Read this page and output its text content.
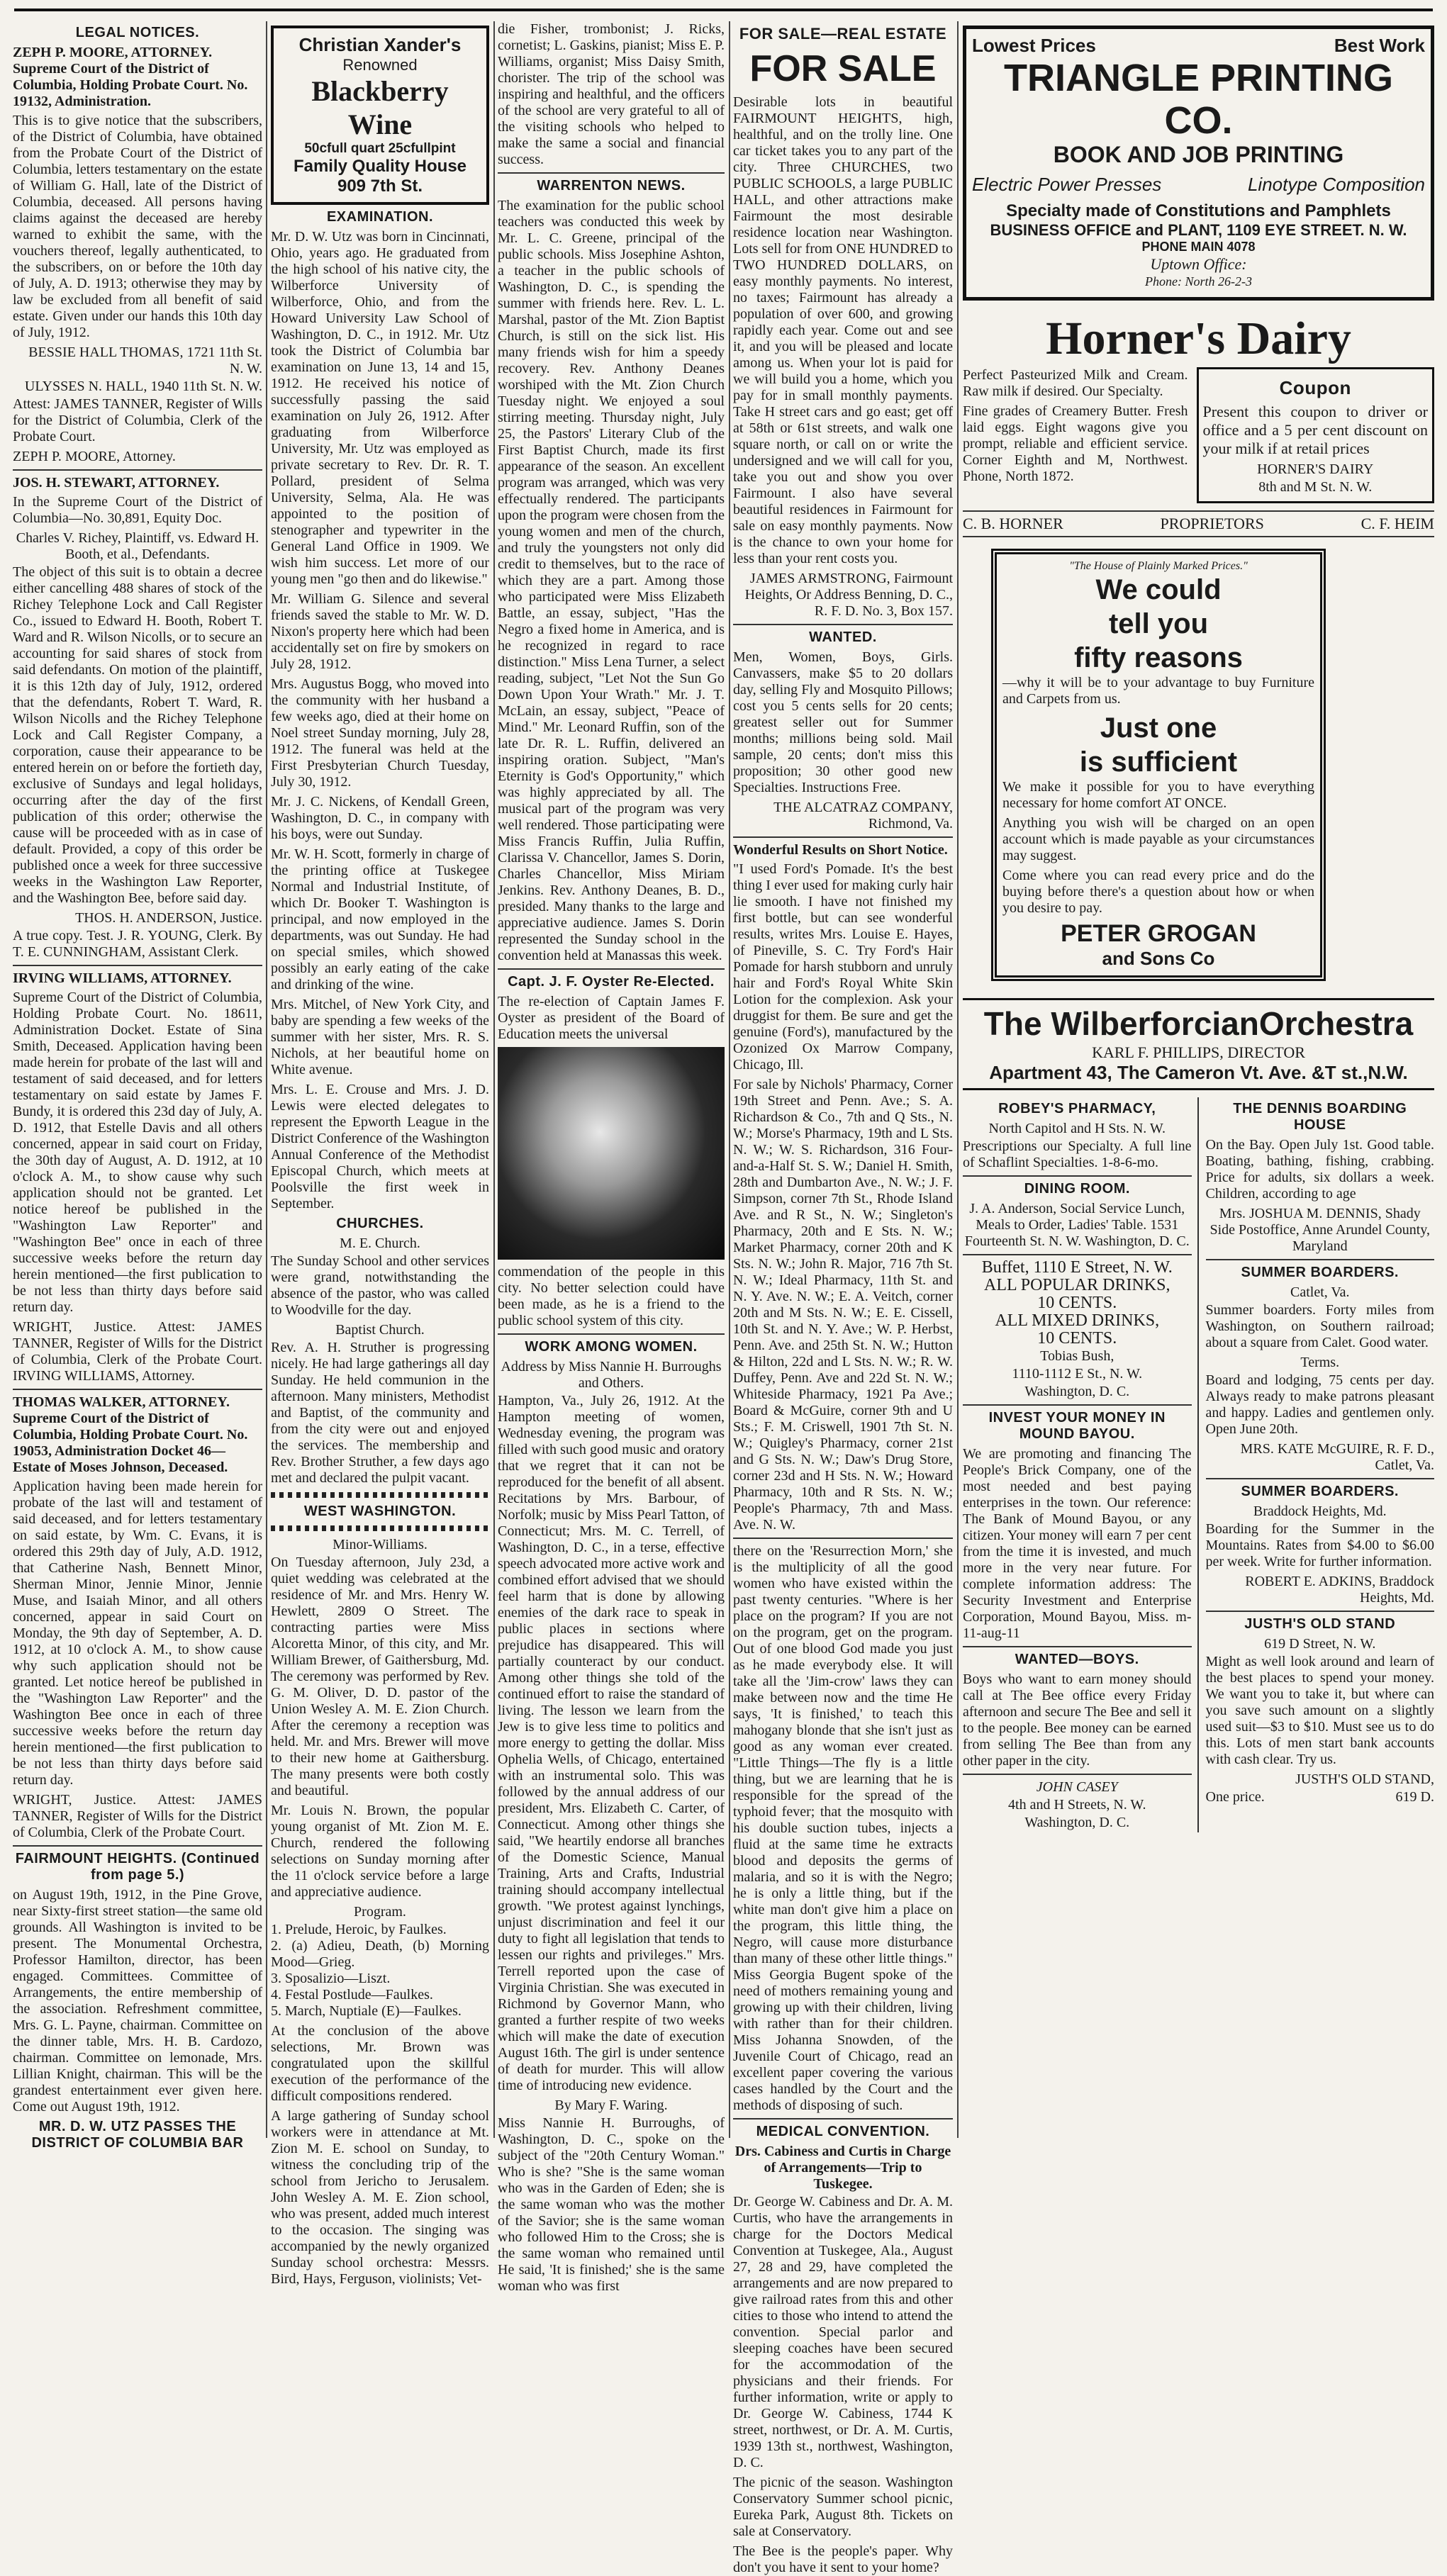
LEGAL NOTICES.

ZEPH P. MOORE, ATTORNEY. Supreme Court of the District of Columbia, Holding Probate Court. No. 19132, Administration.

This is to give notice that the subscribers, of the District of Columbia, have obtained from the Probate Court of the District of Columbia, letters testamentary on the estate of William G. Hall, late of the District of Columbia, deceased. All persons having claims against the deceased are hereby warned to exhibit the same, with the vouchers thereof, legally authenticated, to the subscribers, on or before the 10th day of July, A. D. 1913; otherwise they may by law be excluded from all benefit of said estate. Given under our hands this 10th day of July, 1912.

BESSIE HALL THOMAS, 1721 11th St. N. W.

ULYSSES N. HALL, 1940 11th St. N. W.

Attest: JAMES TANNER, Register of Wills for the District of Columbia, Clerk of the Probate Court.

ZEPH P. MOORE, Attorney.

JOS. H. STEWART, ATTORNEY.

In the Supreme Court of the District of Columbia—No. 30,891, Equity Doc.

Charles V. Richey, Plaintiff, vs. Edward H. Booth, et al., Defendants.

The object of this suit is to obtain a decree either cancelling 488 shares of stock of the Richey Telephone Lock and Call Register Co., issued to Edward H. Booth, Robert T. Ward and R. Wilson Nicolls, or to secure an accounting for said shares of stock from said defendants. On motion of the plaintiff, it is this 12th day of July, 1912, ordered that the defendants, Robert T. Ward, R. Wilson Nicolls and the Richey Telephone Lock and Call Register Company, a corporation, cause their appearance to be entered herein on or before the fortieth day, exclusive of Sundays and legal holidays, occurring after the day of the first publication of this order; otherwise the cause will be proceeded with as in case of default. Provided, a copy of this order be published once a week for three successive weeks in the Washington Law Reporter, and the Washington Bee, before said day.

THOS. H. ANDERSON, Justice.

A true copy. Test. J. R. YOUNG, Clerk. By T. E. CUNNINGHAM, Assistant Clerk.

IRVING WILLIAMS, ATTORNEY.

Supreme Court of the District of Columbia, Holding Probate Court. No. 18611, Administration Docket. Estate of Sina Smith, Deceased. Application having been made herein for probate of the last will and testament of said deceased, and for letters testamentary on said estate by James F. Bundy, it is ordered this 23d day of July, A. D. 1912, that Estelle Davis and all others concerned, appear in said court on Friday, the 30th day of August, A. D. 1912, at 10 o'clock A. M., to show cause why such application should not be granted. Let notice hereof be published in the "Washington Law Reporter" and "Washington Bee" once in each of three successive weeks before the return day herein mentioned—the first publication to be not less than thirty days before said return day.

WRIGHT, Justice. Attest: JAMES TANNER, Register of Wills for the District of Columbia, Clerk of the Probate Court. IRVING WILLIAMS, Attorney.

THOMAS WALKER, ATTORNEY. Supreme Court of the District of Columbia, Holding Probate Court. No. 19053, Administration Docket 46—Estate of Moses Johnson, Deceased.

Application having been made herein for probate of the last will and testament of said deceased, and for letters testamentary on said estate, by Wm. C. Evans, it is ordered this 29th day of July, A.D. 1912, that Catherine Nash, Bennett Minor, Sherman Minor, Jennie Minor, Jennie Muse, and Isaiah Minor, and all others concerned, appear in said Court on Monday, the 9th day of September, A. D. 1912, at 10 o'clock A. M., to show cause why such application should not be granted. Let notice hereof be published in the "Washington Law Reporter" and the Washington Bee once in each of three successive weeks before the return day herein mentioned—the first publication to be not less than thirty days before said return day.

WRIGHT, Justice. Attest: JAMES TANNER, Register of Wills for the District of Columbia, Clerk of the Probate Court.

FAIRMOUNT HEIGHTS. (Continued from page 5.)

on August 19th, 1912, in the Pine Grove, near Sixty-first street station—the same old grounds. All Washington is invited to be present. The Monumental Orchestra, Professor Hamilton, director, has been engaged. Committees. Committee of Arrangements, the entire membership of the association. Refreshment committee, Mrs. G. L. Payne, chairman. Committee on the dinner table, Mrs. H. B. Cardozo, chairman. Committee on lemonade, Mrs. Lillian Knight, chairman. This will be the grandest entertainment ever given here. Come out August 19th, 1912.

MR. D. W. UTZ PASSES THE DISTRICT OF COLUMBIA BAR

Christian Xander's
Renowned
Blackberry Wine
50cfull quart 25cfullpint
Family Quality House
909 7th St.
EXAMINATION.

Mr. D. W. Utz was born in Cincinnati, Ohio, years ago. He graduated from the high school of his native city, the Wilberforce University of Wilberforce, Ohio, and from the Howard University Law School of Washington, D. C., in 1912. Mr. Utz took the District of Columbia bar examination on June 13, 14 and 15, 1912. He received his notice of successfully passing the said examination on July 26, 1912. After graduating from Wilberforce University, Mr. Utz was employed as private secretary to Rev. Dr. R. T. Pollard, president of Selma University, Selma, Ala. He was appointed to the position of stenographer and typewriter in the General Land Office in 1909. We wish him success. Let more of our young men "go then and do likewise."

Mr. William G. Silence and several friends saved the stable to Mr. W. D. Nixon's property here which had been accidentally set on fire by smokers on July 28, 1912.

Mrs. Augustus Bogg, who moved into the community with her husband a few weeks ago, died at their home on Noel street Sunday morning, July 28, 1912. The funeral was held at the First Presbyterian Church Tuesday, July 30, 1912.

Mr. J. C. Nickens, of Kendall Green, Washington, D. C., in company with his boys, were out Sunday.

Mr. W. H. Scott, formerly in charge of the printing office at Tuskegee Normal and Industrial Institute, of which Dr. Booker T. Washington is principal, and now employed in the departments, was out Sunday. He had on special smiles, which showed possibly an early eating of the cake and drinking of the wine.

Mrs. Mitchel, of New York City, and baby are spending a few weeks of the summer with her sister, Mrs. R. S. Nichols, at her beautiful home on White avenue.

Mrs. L. E. Crouse and Mrs. J. D. Lewis were elected delegates to represent the Epworth League in the District Conference of the Washington Annual Conference of the Methodist Episcopal Church, which meets at Poolsville the first week in September.

CHURCHES.
M. E. Church.

The Sunday School and other services were grand, notwithstanding the absence of the pastor, who was called to Woodville for the day.

Baptist Church.

Rev. A. H. Struther is progressing nicely. He had large gatherings all day Sunday. He held communion in the afternoon. Many ministers, Methodist and Baptist, of the community and from the city were out and enjoyed the services. The membership and Rev. Brother Struther, a few days ago met and declared the pulpit vacant.

WEST WASHINGTON.
Minor-Williams.

On Tuesday afternoon, July 23d, a quiet wedding was celebrated at the residence of Mr. and Mrs. Henry W. Hewlett, 2809 O Street. The contracting parties were Miss Alcoretta Minor, of this city, and Mr. William Brewer, of Gaithersburg, Md. The ceremony was performed by Rev. G. M. Oliver, D. D. pastor of the Union Wesley A. M. E. Zion Church. After the ceremony a reception was held. Mr. and Mrs. Brewer will move to their new home at Gaithersburg. The many presents were both costly and beautiful.

Mr. Louis N. Brown, the popular young organist of Mt. Zion M. E. Church, rendered the following selections on Sunday morning after the 11 o'clock service before a large and appreciative audience.

Program.

1. Prelude, Heroic, by Faulkes.

2. (a) Adieu, Death, (b) Morning Mood—Grieg.

3. Sposalizio—Liszt.

4. Festal Postlude—Faulkes.

5. March, Nuptiale (E)—Faulkes.

At the conclusion of the above selections, Mr. Brown was congratulated upon the skillful execution of the performance of the difficult compositions rendered.

A large gathering of Sunday school workers were in attendance at Mt. Zion M. E. school on Sunday, to witness the concluding trip of the school from Jericho to Jerusalem. John Wesley A. M. E. Zion school, who was present, added much interest to the occasion. The singing was accompanied by the newly organized Sunday school orchestra: Messrs. Bird, Hays, Ferguson, violinists; Vet-

die Fisher, trombonist; J. Ricks, cornetist; L. Gaskins, pianist; Miss E. P. Williams, organist; Miss Daisy Smith, chorister. The trip of the school was inspiring and healthful, and the officers of the school are very grateful to all of the visiting schools who helped to make the same a social and financial success.

WARRENTON NEWS.

The examination for the public school teachers was conducted this week by Mr. L. C. Greene, principal of the public schools. Miss Josephine Ashton, a teacher in the public schools of Washington, D. C., is spending the summer with friends here. Rev. L. L. Marshal, pastor of the Mt. Zion Baptist Church, is still on the sick list. His many friends wish for him a speedy recovery. Rev. Anthony Deanes worshiped with the Mt. Zion Church Tuesday night. We enjoyed a soul stirring meeting. Thursday night, July 25, the Pastors' Literary Club of the First Baptist Church, made its first appearance of the season. An excellent program was arranged, which was very effectually rendered. The participants upon the program were chosen from the young women and men of the church, and truly the youngsters not only did credit to themselves, but to the race of which they are a part. Among those who participated were Miss Elizabeth Battle, an essay, subject, "Has the Negro a fixed home in America, and is he recognized in regard to race distinction." Miss Lena Turner, a select reading, subject, "Let Not the Sun Go Down Upon Your Wrath." Mr. J. T. McLain, an essay, subject, "Peace of Mind." Mr. Leonard Ruffin, son of the late Dr. R. L. Ruffin, delivered an inspiring oration. Subject, "Man's Eternity is God's Opportunity," which was highly appreciated by all. The musical part of the program was very well rendered. Those participating were Miss Francis Ruffin, Julia Ruffin, Clarissa V. Chancellor, James S. Dorin, Charles Chancellor, Miss Miriam Jenkins. Rev. Anthony Deanes, B. D., presided. Many thanks to the large and appreciative audience. James S. Dorin represented the Sunday school in the convention held at Manassas this week.

Capt. J. F. Oyster Re-Elected.

The re-election of Captain James F. Oyster as president of the Board of Education meets the universal

commendation of the people in this city. No better selection could have been made, as he is a friend to the public school system of this city.

WORK AMONG WOMEN.
Address by Miss Nannie H. Burroughs and Others.

Hampton, Va., July 26, 1912. At the Hampton meeting of women, Wednesday evening, the program was filled with such good music and oratory that we regret that it can not be reproduced for the benefit of all absent. Recitations by Mrs. Barbour, of Norfolk; music by Miss Pearl Tatton, of Connecticut; Mrs. M. C. Terrell, of Washington, D. C., in a terse, effective speech advocated more active work and combined effort advised that we should feel harm that is done by allowing enemies of the dark race to speak in public places in sections where prejudice has disappeared. This will partially counteract by our conduct. Among other things she told of the continued effort to raise the standard of living. The lesson we learn from the Jew is to give less time to politics and more energy to getting the dollar. Miss Ophelia Wells, of Chicago, entertained with an instrumental solo. This was followed by the annual address of our president, Mrs. Elizabeth C. Carter, of Connecticut. Among other things she said, "We heartily endorse all branches of the Domestic Science, Manual Training, Arts and Crafts, Industrial training should accompany intellectual growth. "We protest against lynchings, unjust discrimination and feel it our duty to fight all legislation that tends to lessen our rights and privileges." Mrs. Terrell reported upon the case of Virginia Christian. She was executed in Richmond by Governor Mann, who granted a further respite of two weeks which will make the date of execution August 16th. The girl is under sentence of death for murder. This will allow time of introducing new evidence.

By Mary F. Waring.

Miss Nannie H. Burroughs, of Washington, D. C., spoke on the subject of the "20th Century Woman." Who is she? "She is the same woman who was in the Garden of Eden; she is the same woman who was the mother of the Savior; she is the same woman who followed Him to the Cross; she is the same woman who remained until He said, 'It is finished;' she is the same woman who was first

FOR SALE—REAL ESTATE
FOR SALE

Desirable lots in beautiful FAIRMOUNT HEIGHTS, high, healthful, and on the trolly line. One car ticket takes you to any part of the city. Three CHURCHES, two PUBLIC SCHOOLS, a large PUBLIC HALL, and other attractions make Fairmount the most desirable residence location near Washington. Lots sell for from ONE HUNDRED to TWO HUNDRED DOLLARS, on easy monthly payments. No interest, no taxes; Fairmount has already a population of over 600, and growing rapidly each year. Come out and see it, and you will be pleased and locate among us. When your lot is paid for we will build you a home, which you pay for in small monthly payments. Take H street cars and go east; get off at 58th or 61st streets, and walk one square north, or call on or write the undersigned and we will call for you, take you out and show you over Fairmount. I also have several beautiful residences in Fairmount for sale on easy monthly payments. Now is the chance to own your home for less than your rent costs you.

JAMES ARMSTRONG, Fairmount Heights, Or Address Benning, D. C., R. F. D. No. 3, Box 157.

WANTED.

Men, Women, Boys, Girls. Canvassers, make $5 to 20 dollars day, selling Fly and Mosquito Pillows; cost you 5 cents sells for 20 cents; greatest seller out for Summer months; millions being sold. Mail sample, 20 cents; don't miss this proposition; 30 other good new Specialties. Instructions Free.

THE ALCATRAZ COMPANY, Richmond, Va.

Wonderful Results on Short Notice.

"I used Ford's Pomade. It's the best thing I ever used for making curly hair lie smooth. I have not finished my first bottle, but can see wonderful results, writes Mrs. Louise E. Hayes, of Pineville, S. C. Try Ford's Hair Pomade for harsh stubborn and unruly hair and Ford's Royal White Skin Lotion for the complexion. Ask your druggist for them. Be sure and get the genuine (Ford's), manufactured by the Ozonized Ox Marrow Company, Chicago, Ill.

For sale by Nichols' Pharmacy, Corner 19th Street and Penn. Ave.; S. A. Richardson & Co., 7th and Q Sts., N. W.; Morse's Pharmacy, 19th and L Sts. N. W.; W. S. Richardson, 316 Four-and-a-Half St. S. W.; Daniel H. Smith, 28th and Dumbarton Ave., N. W.; J. F. Simpson, corner 7th St., Rhode Island Ave. and R St., N. W.; Singleton's Pharmacy, 20th and E Sts. N. W.; Market Pharmacy, corner 20th and K Sts. N. W.; John R. Major, 716 7th St. N. W.; Ideal Pharmacy, 11th St. and N. Y. Ave. N. W.; E. A. Veitch, corner 20th and M Sts. N. W.; E. E. Cissell, 10th St. and N. Y. Ave.; W. P. Herbst, Penn. Ave. and 25th St. N. W.; Hutton & Hilton, 22d and L Sts. N. W.; R. W. Duffey, Penn. Ave and 22d St. N. W.; Whiteside Pharmacy, 1921 Pa Ave.; Board & McGuire, corner 9th and U Sts.; F. M. Criswell, 1901 7th St. N. W.; Quigley's Pharmacy, corner 21st and G Sts. N. W.; Daw's Drug Store, corner 23d and H Sts. N. W.; Howard Pharmacy, 10th and R Sts. N. W.; People's Pharmacy, 7th and Mass. Ave. N. W.

there on the 'Resurrection Morn,' she is the multiplicity of all the good women who have existed within the past twenty centuries. "Where is her place on the program? If you are not on the program, get on the program. Out of one blood God made you just as he made everybody else. It will take all the 'Jim-crow' laws they can make between now and the time He says, 'It is finished,' to teach this mahogany blonde that she isn't just as good as any woman ever created. "Little Things—The fly is a little thing, but we are learning that he is responsible for the spread of the typhoid fever; that the mosquito with his double suction tubes, injects a fluid at the same time he extracts blood and deposits the germs of malaria, and so it is with the Negro; he is only a little thing, but if the white man don't give him a place on the program, this little thing, the Negro, will cause more disturbance than many of these other little things." Miss Georgia Bugent spoke of the need of mothers remaining young and growing up with their children, living with rather than for their children. Miss Johanna Snowden, of the Juvenile Court of Chicago, read an excellent paper covering the various cases handled by the Court and the methods of disposing of such.

MEDICAL CONVENTION.
Drs. Cabiness and Curtis in Charge of Arrangements—Trip to Tuskegee.

Dr. George W. Cabiness and Dr. A. M. Curtis, who have the arrangements in charge for the Doctors Medical Convention at Tuskegee, Ala., August 27, 28 and 29, have completed the arrangements and are now prepared to give railroad rates from this and other cities to those who intend to attend the convention. Special parlor and sleeping coaches have been secured for the accommodation of the physicians and their friends. For further information, write or apply to Dr. George W. Cabiness, 1744 K street, northwest, or Dr. A. M. Curtis, 1939 13th st., northwest, Washington, D. C.

The picnic of the season. Washington Conservatory Summer school picnic, Eureka Park, August 8th. Tickets on sale at Conservatory.

The Bee is the people's paper. Why don't you have it sent to your home?

Lowest Prices	Best Work
TRIANGLE PRINTING CO.
BOOK AND JOB PRINTING
Electric Power Presses	Linotype Composition
Specialty made of Constitutions and Pamphlets
BUSINESS OFFICE and PLANT, 1109 EYE STREET. N. W.
PHONE MAIN 4078
Uptown Office:
Phone: North 26-2-3
Horner's Dairy

Perfect Pasteurized Milk and Cream. Raw milk if desired. Our Specialty.

Fine grades of Creamery Butter. Fresh laid eggs. Eight wagons give you prompt, reliable and efficient service. Corner Eighth and M, Northwest. Phone, North 1872.

Coupon

Present this coupon to driver or office and a 5 per cent discount on your milk if at retail prices

HORNER'S DAIRY
8th and M St. N. W.
C. B. HORNER	PROPRIETORS	C. F. HEIM
"The House of Plainly Marked Prices."
We could
tell you
fifty reasons

—why it will be to your advantage to buy Furniture and Carpets from us.

Just one
is sufficient

We make it possible for you to have everything necessary for home comfort AT ONCE.

Anything you wish will be charged on an open account which is made payable as your circumstances may suggest.

Come where you can read every price and do the buying before there's a question about how or when you desire to pay.

PETER GROGAN
and Sons Co
The WilberforcianOrchestra
KARL F. PHILLIPS, DIRECTOR
Apartment 43, The Cameron Vt. Ave. &T st.,N.W.
ROBEY'S PHARMACY,
North Capitol and H Sts. N. W.

Prescriptions our Specialty. A full line of Schaflint Specialties. 1-8-6-mo.

DINING ROOM.

J. A. Anderson, Social Service Lunch, Meals to Order, Ladies' Table. 1531 Fourteenth St. N. W. Washington, D. C.

Buffet, 1110 E Street, N. W.
ALL POPULAR DRINKS,
10 CENTS.
ALL MIXED DRINKS,
10 CENTS.
Tobias Bush,
1110-1112 E St., N. W.
Washington, D. C.
INVEST YOUR MONEY IN MOUND BAYOU.

We are promoting and financing The People's Brick Company, one of the most needed and best paying enterprises in the town. Our reference: The Bank of Mound Bayou, or any citizen. Your money will earn 7 per cent from the time it is invested, and much more in the very near future. For complete information address: The Security Investment and Enterprise Corporation, Mound Bayou, Miss. m-11-aug-11

WANTED—BOYS.

Boys who want to earn money should call at The Bee office every Friday afternoon and secure The Bee and sell it to the people. Bee money can be earned from selling The Bee than from any other paper in the city.

JOHN CASEY
4th and H Streets, N. W.
Washington, D. C.
THE DENNIS BOARDING HOUSE

On the Bay. Open July 1st. Good table. Boating, bathing, fishing, crabbing. Price for adults, six dollars a week. Children, according to age

Mrs. JOSHUA M. DENNIS, Shady Side Postoffice, Anne Arundel County, Maryland

SUMMER BOARDERS.
Catlet, Va.

Summer boarders. Forty miles from Washington, on Southern railroad; about a square from Calet. Good water.

Terms.

Board and lodging, 75 cents per day. Always ready to make patrons pleasant and happy. Ladies and gentlemen only. Open June 20th.

MRS. KATE McGUIRE, R. F. D., Catlet, Va.

SUMMER BOARDERS.
Braddock Heights, Md.

Boarding for the Summer in the Mountains. Rates from $4.00 to $6.00 per week. Write for further information.

ROBERT E. ADKINS, Braddock Heights, Md.

JUSTH'S OLD STAND
619 D Street, N. W.

Might as well look around and learn of the best places to spend your money. We want you to take it, but where can you save such amount on a slightly used suit—$3 to $10. Must see us to do this. Lots of men start bank accounts with cash clear. Try us.

JUSTH'S OLD STAND,

One price.	619 D.
